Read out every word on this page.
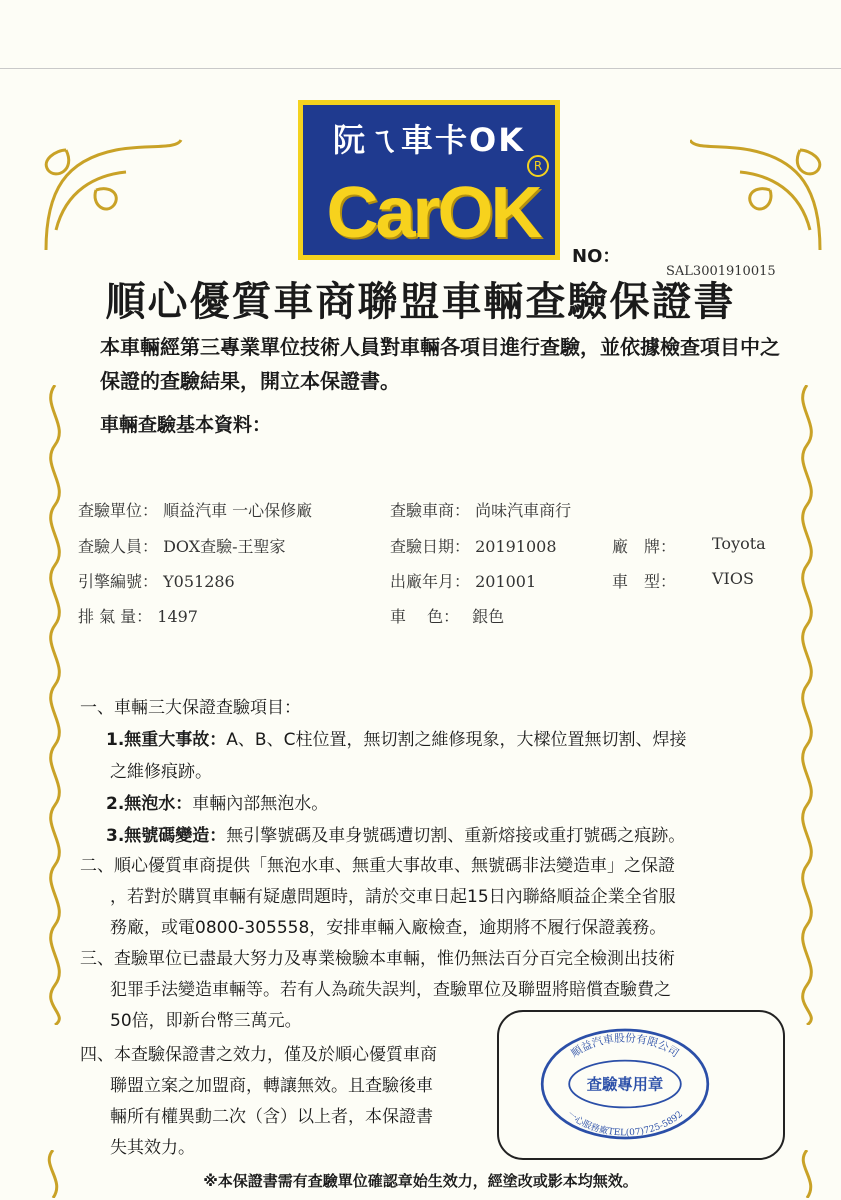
阮ㄟ車卡OK
R
CarOK
NO：
SAL3001910015
順心優質車商聯盟車輛查驗保證書
本車輛經第三專業單位技術人員對車輛各項目進行查驗，並依據檢查項目中之保證的查驗結果，開立本保證書。
車輛查驗基本資料：
查驗單位： 順益汽車 一心保修廠	查驗車商： 尚味汽車商行
查驗人員： DOX查驗-王聖家	查驗日期： 20191008	廠　牌： Toyota
引擎編號： Y051286	出廠年月： 201001	車　型： VIOS
排 氣 量： 1497	車　 色：　 銀色
一、車輛三大保證查驗項目：
1.無重大事故：A、B、C柱位置，無切割之維修現象，大樑位置無切割、焊接
之維修痕跡。
2.無泡水：車輛內部無泡水。
3.無號碼變造：無引擎號碼及車身號碼遭切割、重新熔接或重打號碼之痕跡。
二、順心優質車商提供「無泡水車、無重大事故車、無號碼非法變造車」之保證
，若對於購買車輛有疑慮問題時，請於交車日起15日內聯絡順益企業全省服
務廠，或電0800-305558，安排車輛入廠檢查，逾期將不履行保證義務。
三、查驗單位已盡最大努力及專業檢驗本車輛，惟仍無法百分百完全檢測出技術
犯罪手法變造車輛等。若有人為疏失誤判，查驗單位及聯盟將賠償查驗費之
50倍，即新台幣三萬元。
四、本查驗保證書之效力，僅及於順心優質車商
聯盟立案之加盟商，轉讓無效。且查驗後車
輛所有權異動二次（含）以上者，本保證書
失其效力。
順益汽車股份有限公司
查驗專用章
一心服務廠TEL(07)725-5892
※本保證書需有查驗單位確認章始生效力，經塗改或影本均無效。
